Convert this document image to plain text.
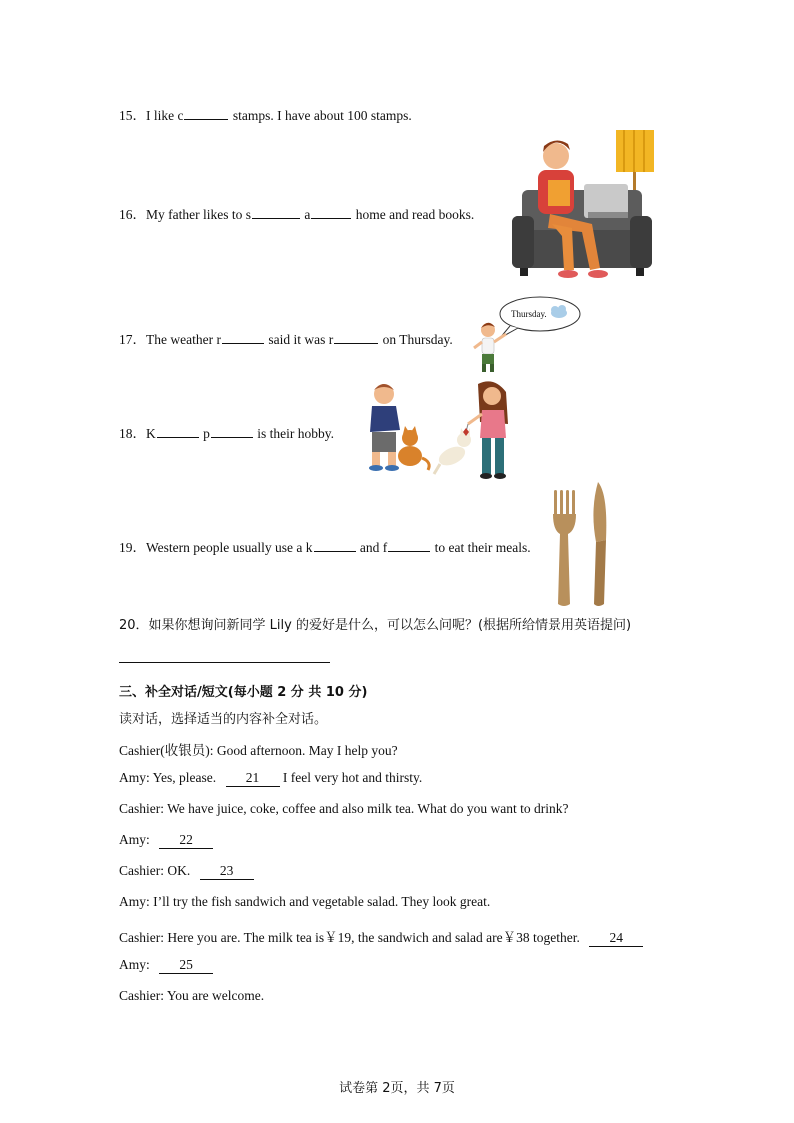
15．I like c	stamps. I have about 100 stamps.
16．My father likes to s	a	home and read books.
17．The weather r	said it was r	on Thursday.
Thursday.
18．K	p	is their hobby.
19．Western people usually use a k	and f	to eat their meals.
20．如果你想询问新同学 Lily 的爱好是什么，可以怎么问呢？(根据所给情景用英语提问)
三、补全对话/短文(每小题 2 分 共 10 分)
读对话，选择适当的内容补全对话。
Cashier(收银员): Good afternoon. May I help you?
Amy: Yes, please. 21 I feel very hot and thirsty.
Cashier: We have juice, coke, coffee and also milk tea. What do you want to drink?
Amy: 22
Cashier: OK. 23
Amy: I’ll try the fish sandwich and vegetable salad. They look great.
Cashier: Here you are. The milk tea is￥19, the sandwich and salad are￥38 together. 24
Amy: 25
Cashier: You are welcome.
试卷第 2页，共 7页
